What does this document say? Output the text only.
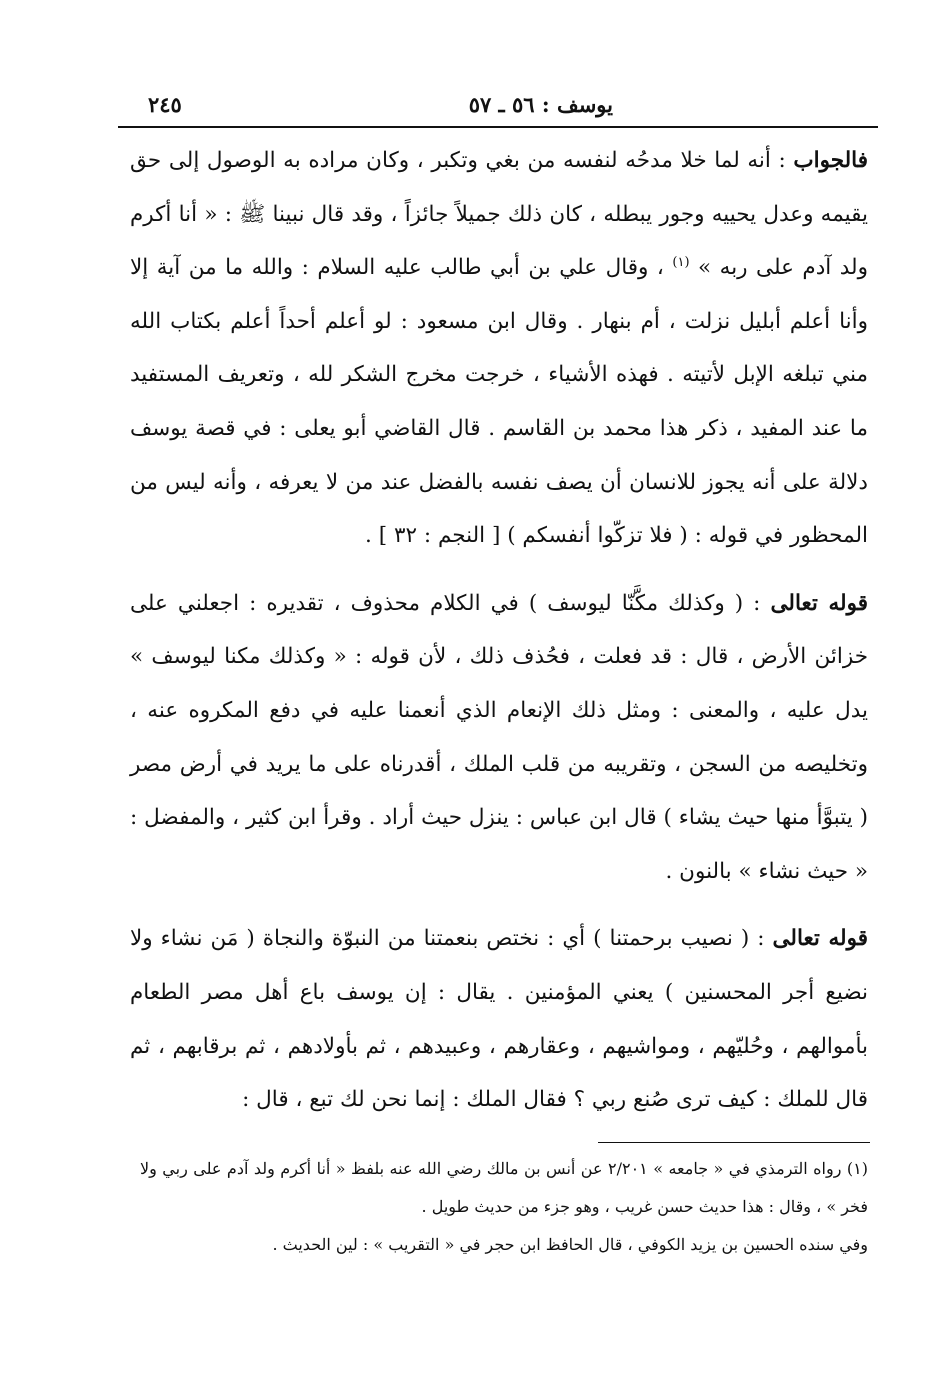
يوسف : ٥٦ ـ ٥٧
٢٤٥

فالجواب : أنه لما خلا مدحُه لنفسه من بغي وتكبر ، وكان مراده به الوصول إلى حق يقيمه وعدل يحييه وجور يبطله ، كان ذلك جميلاً جائزاً ، وقد قال نبينا ﷺ : « أنا أكرم ولد آدم على ربه » $^{(١)}$ ، وقال علي بن أبي طالب عليه السلام : والله ما من آية إلا وأنا أعلم أبليل نزلت ، أم بنهار . وقال ابن مسعود : لو أعلم أحداً أعلم بكتاب الله مني تبلغه الإبل لأتيته . فهذه الأشياء ، خرجت مخرج الشكر لله ، وتعريف المستفيد ما عند المفيد ، ذكر هذا محمد بن القاسم . قال القاضي أبو يعلى : في قصة يوسف دلالة على أنه يجوز للانسان أن يصف نفسه بالفضل عند من لا يعرفه ، وأنه ليس من المحظور في قوله : ( فلا تزكّوا أنفسكم ) [ النجم : ٣٢ ] .

قوله تعالى : ( وكذلك مكَّنّا ليوسف ) في الكلام محذوف ، تقديره : اجعلني على خزائن الأرض ، قال : قد فعلت ، فحُذف ذلك ، لأن قوله : « وكذلك مكنا ليوسف » يدل عليه ، والمعنى : ومثل ذلك الإنعام الذي أنعمنا عليه في دفع المكروه عنه ، وتخليصه من السجن ، وتقريبه من قلب الملك ، أقدرناه على ما يريد في أرض مصر ( يتبوَّأ منها حيث يشاء ) قال ابن عباس : ينزل حيث أراد . وقرأ ابن كثير ، والمفضل : « حيث نشاء » بالنون .

قوله تعالى : ( نصيب برحمتنا ) أي : نختص بنعمتنا من النبوّة والنجاة ( مَن نشاء ولا نضيع أجر المحسنين ) يعني المؤمنين . يقال : إن يوسف باع أهل مصر الطعام بأموالهم ، وحُليّهم ، ومواشيهم ، وعقارهم ، وعبيدهم ، ثم بأولادهم ، ثم برقابهم ، ثم قال للملك : كيف ترى صُنع ربي ؟ فقال الملك : إنما نحن لك تبع ، قال :

(١) رواه الترمذي في « جامعه » ٢/٢٠١ عن أنس بن مالك رضي الله عنه بلفظ « أنا أكرم ولد آدم على ربي ولا فخر » ، وقال : هذا حديث حسن غريب ، وهو جزء من حديث طويل .

وفي سنده الحسين بن يزيد الكوفي ، قال الحافظ ابن حجر في « التقريب » : لين الحديث .
